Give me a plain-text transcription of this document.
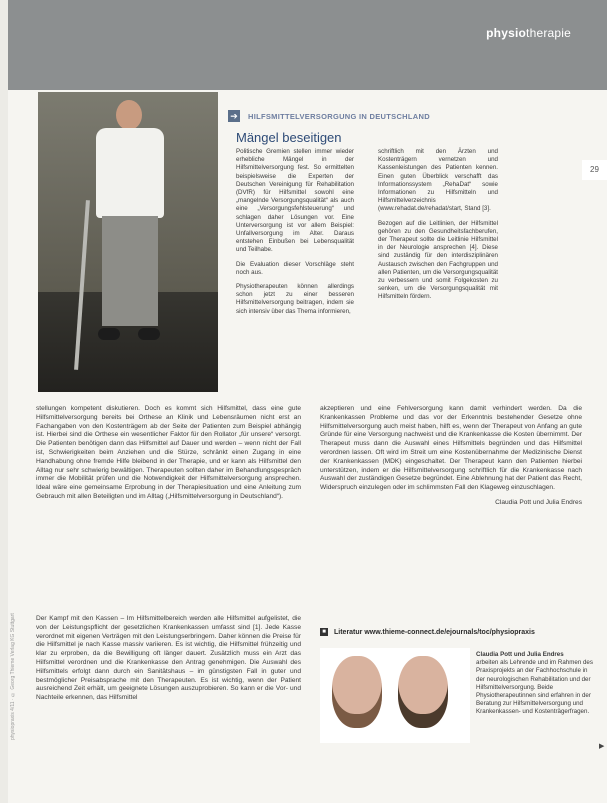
physiotherapie
29
➔ HILFSMITTELVERSORGUNG IN DEUTSCHLAND
Mängel beseitigen

Politische Gremien stellen immer wieder erhebliche Mängel in der Hilfsmittelversorgung fest. So ermittelten beispielsweise die Experten der Deutschen Vereinigung für Rehabilitation (DVfR) für Hilfsmittel sowohl eine „mangelnde Versorgungsqualität“ als auch eine „Versorgungsfehlsteuerung“ und schlagen daher Lösungen vor. Eine Unterversorgung ist vor allem Beispiel: Unfallversorgung im Alter. Daraus entstehen Einbußen bei Lebensqualität und Teilhabe.

Die Evaluation dieser Vorschläge steht noch aus.

Physiotherapeuten können allerdings schon jetzt zu einer besseren Hilfsmittelversorgung beitragen, indem sie sich intensiv über das Thema informieren,

schriftlich mit den Ärzten und Kostenträgern vernetzen und Kassenleistungen des Patienten kennen. Einen guten Überblick verschafft das Informationssystem „RehaDat“ sowie Informationen zu Hilfsmitteln und Hilfsmittelverzeichnis (www.rehadat.de/rehadat/start, Stand [3].

Bezogen auf die Leitlinien, der Hilfsmittel gehören zu den Gesundheitsfachberufen, der Therapeut sollte die Leitlinie Hilfsmittel in der Neurologie ansprechen [4]. Diese sind zuständig für den interdisziplinären Austausch zwischen den Fachgruppen und allen Patienten, um die Versorgungsqualität zu verbessern und somit Folgekosten zu senken, um die Versorgungsqualität mit Hilfsmitteln fördern.

stellungen kompetent diskutieren. Doch es kommt sich Hilfsmittel, dass eine gute Hilfsmittelversorgung bereits bei Orthese an Klinik und Lebensräumen nicht erst an Fachangaben von den Kostenträgern ab der Seite der Patienten zum Beispiel abhängig ist. Hierbei sind die Orthese ein wesentlicher Faktor für den Rollator „für unsere“ versorgt. Die Patienten benötigen dann das Hilfsmittel auf Dauer und werden – wenn nicht der Fall ist, Schwierigkeiten beim Anziehen und die Stürze, schränkt einen Zugang in eine Handhabung ohne fremde Hilfe bleibend in der Therapie, und er kann als Hilfsmittel den Alltag nur sehr schwierig bewältigen. Therapeuten sollten daher im Behandlungsgespräch immer die Mobilität prüfen und die Notwendigkeit der Hilfsmittelversorgung ansprechen. Ideal wäre eine gemeinsame Erprobung in der Therapiesituation und eine Anleitung zum Gebrauch mit allen Beteiligten und im Alltag („Hilfsmittelversorgung in Deutschland“).

akzeptieren und eine Fehlversorgung kann damit verhindert werden. Da die Krankenkassen Probleme und das vor der Erkenntnis bestehender Gesetze ohne Hilfsmittelversorgung auch meist haben, hilft es, wenn der Therapeut von Anfang an gute Gründe für eine Versorgung nachweist und die Krankenkasse die Kosten übernimmt. Der Therapeut muss dann die Auswahl eines Hilfsmittels begründen und das Hilfsmittel verordnen lassen. Oft wird im Streit um eine Kostenübernahme der Medizinische Dienst der Krankenkassen (MDK) eingeschaltet. Der Therapeut kann den Patienten hierbei unterstützen, indem er die Hilfsmittelversorgung schriftlich für die Krankenkasse nach Auswahl der zuständigen Gesetze begründet. Eine Ablehnung hat der Patient das Recht, Widerspruch einzulegen oder im schlimmsten Fall den Klageweg einzuschlagen.

Claudia Pott und Julia Endres

Der Kampf mit den Kassen – Im Hilfsmittelbereich werden alle Hilfsmittel aufgelistet, die von der Leistungspflicht der gesetzlichen Krankenkassen umfasst sind [1]. Jede Kasse verordnet mit eigenen Verträgen mit den Leistungserbringern. Daher können die Preise für die Hilfsmittel je nach Kasse massiv variieren. Es ist wichtig, die Hilfsmittel frühzeitig und klar zu erproben, da die Bewilligung oft länger dauert. Zusätzlich muss ein Arzt das Hilfsmittel verordnen und die Krankenkasse den Antrag genehmigen. Die Auswahl des Hilfsmittels erfolgt dann durch ein Sanitätshaus – im günstigsten Fall in guter und bestmöglicher Preisabsprache mit den Therapeuten. Es ist wichtig, wenn der Patient ausreichend Zeit erhält, um geeignete Lösungen auszuprobieren. So kann er die Vor- und Nachteile erkennen, das Hilfsmittel

■	Literatur www.thieme-connect.de/ejournals/toc/physiopraxis
Claudia Pott und Julia Endres
arbeiten als Lehrende und im Rahmen des Praxisprojekts an der Fachhochschule in der neurologischen Rehabilitation und der Hilfsmittelversorgung. Beide Physiotherapeutinnen sind erfahren in der Beratung zur Hilfsmittelversorgung und Krankenkassen- und Kostenträgerfragen.
▶
physiopraxis 4/11 · © Georg Thieme Verlag KG Stuttgart
